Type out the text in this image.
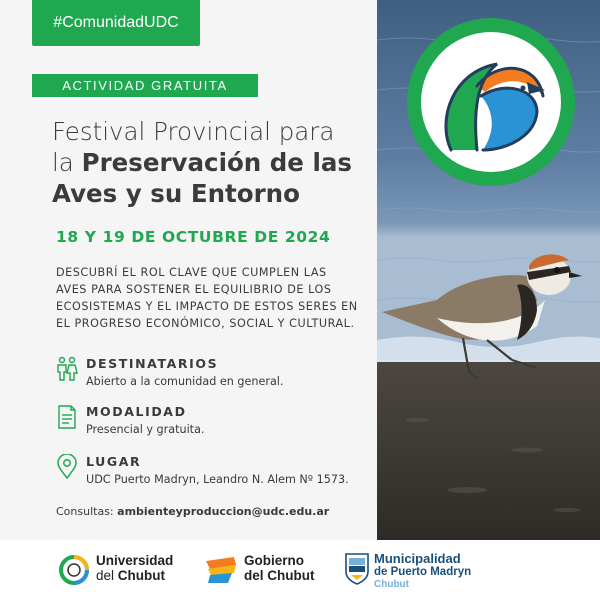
#ComunidadUDC
ACTIVIDAD GRATUITA
Festival Provincial para
la Preservación de las
Aves y su Entorno
18 Y 19 DE OCTUBRE DE 2024
DESCUBRÍ EL ROL CLAVE QUE CUMPLEN LAS
AVES PARA SOSTENER EL EQUILIBRIO DE LOS
ECOSISTEMAS Y EL IMPACTO DE ESTOS SERES EN
EL PROGRESO ECONÓMICO, SOCIAL Y CULTURAL.
DESTINATARIOS
Abierto a la comunidad en general.
MODALIDAD
Presencial y gratuita.
LUGAR
UDC Puerto Madryn, Leandro N. Alem Nº 1573.
Consultas: ambienteyproduccion@udc.edu.ar
Universidad
del Chubut
Gobierno
del Chubut
Municipalidad
de Puerto Madryn
Chubut
